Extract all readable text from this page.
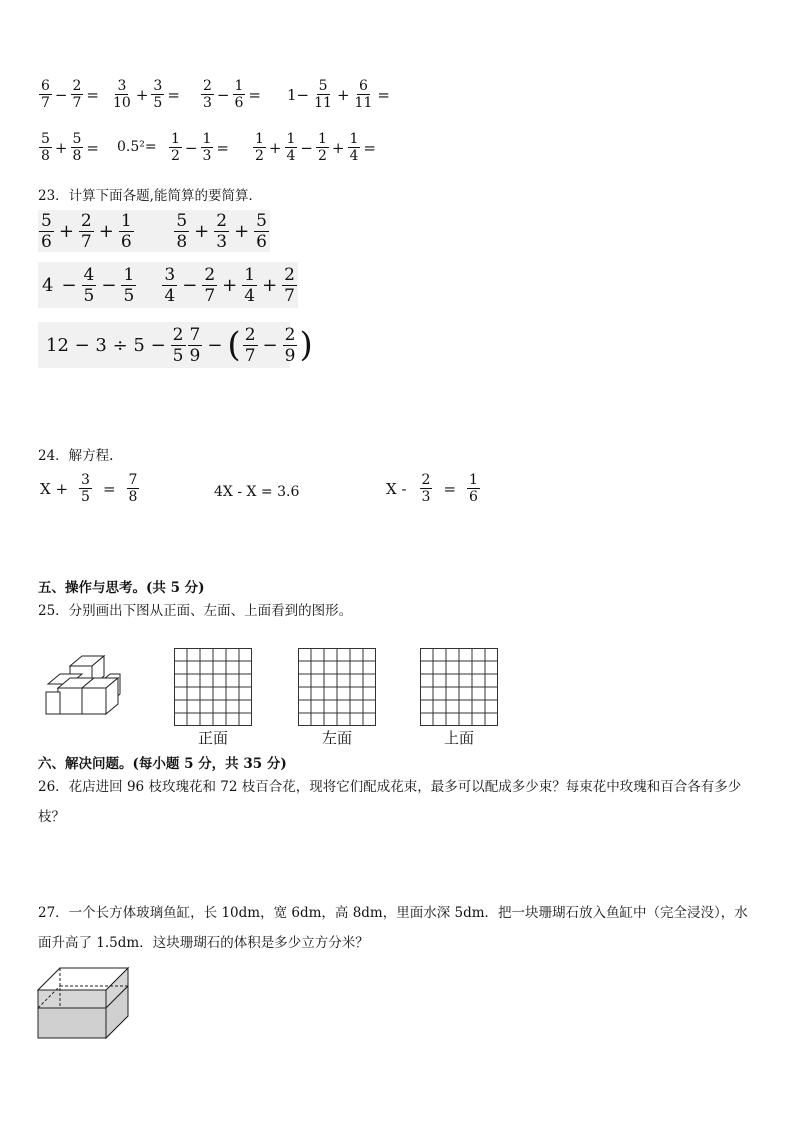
$\frac{6}{7} - \frac{2}{7} = \frac{3}{10} + \frac{3}{5} = \frac{2}{3} - \frac{1}{6} = 1- \frac{5}{11} + \frac{6}{11}$ =
$\frac{5}{8} + \frac{5}{8} = 0.5^2= \frac{1}{2} - \frac{1}{3} = \frac{1}{2} + \frac{1}{4} - \frac{1}{2} + \frac{1}{4}$ =
23．计算下面各题,能简算的要简算．
$\frac{5}{6} + \frac{2}{7} + \frac{1}{6} \frac{5}{8} + \frac{2}{3} + \frac{5}{6}$
$4 - \frac{4}{5} - \frac{1}{5} \frac{3}{4} - \frac{2}{7} + \frac{1}{4} + \frac{2}{7}$
$12 - 3 \div 5 - \frac{2}{5} \frac{7}{9}$ − ( $\frac{2}{7} - \frac{2}{9}$ )
24．解方程.
$X + \frac{3}{5} = \frac{7}{8}$	4X - X = 3.6	$X - \frac{2}{3} = \frac{1}{6}$
五、操作与思考。(共 5 分)
25．分别画出下图从正面、左面、上面看到的图形。
正面	左面	上面
六、解决问题。(每小题 5 分，共 35 分)
26．花店进回 96 枝玫瑰花和 72 枝百合花，现将它们配成花束，最多可以配成多少束？每束花中玫瑰和百合各有多少枝？
27．一个长方体玻璃鱼缸，长 10dm，宽 6dm，高 8dm，里面水深 5dm．把一块珊瑚石放入鱼缸中（完全浸没），水面升高了 1.5dm．这块珊瑚石的体积是多少立方分米？
